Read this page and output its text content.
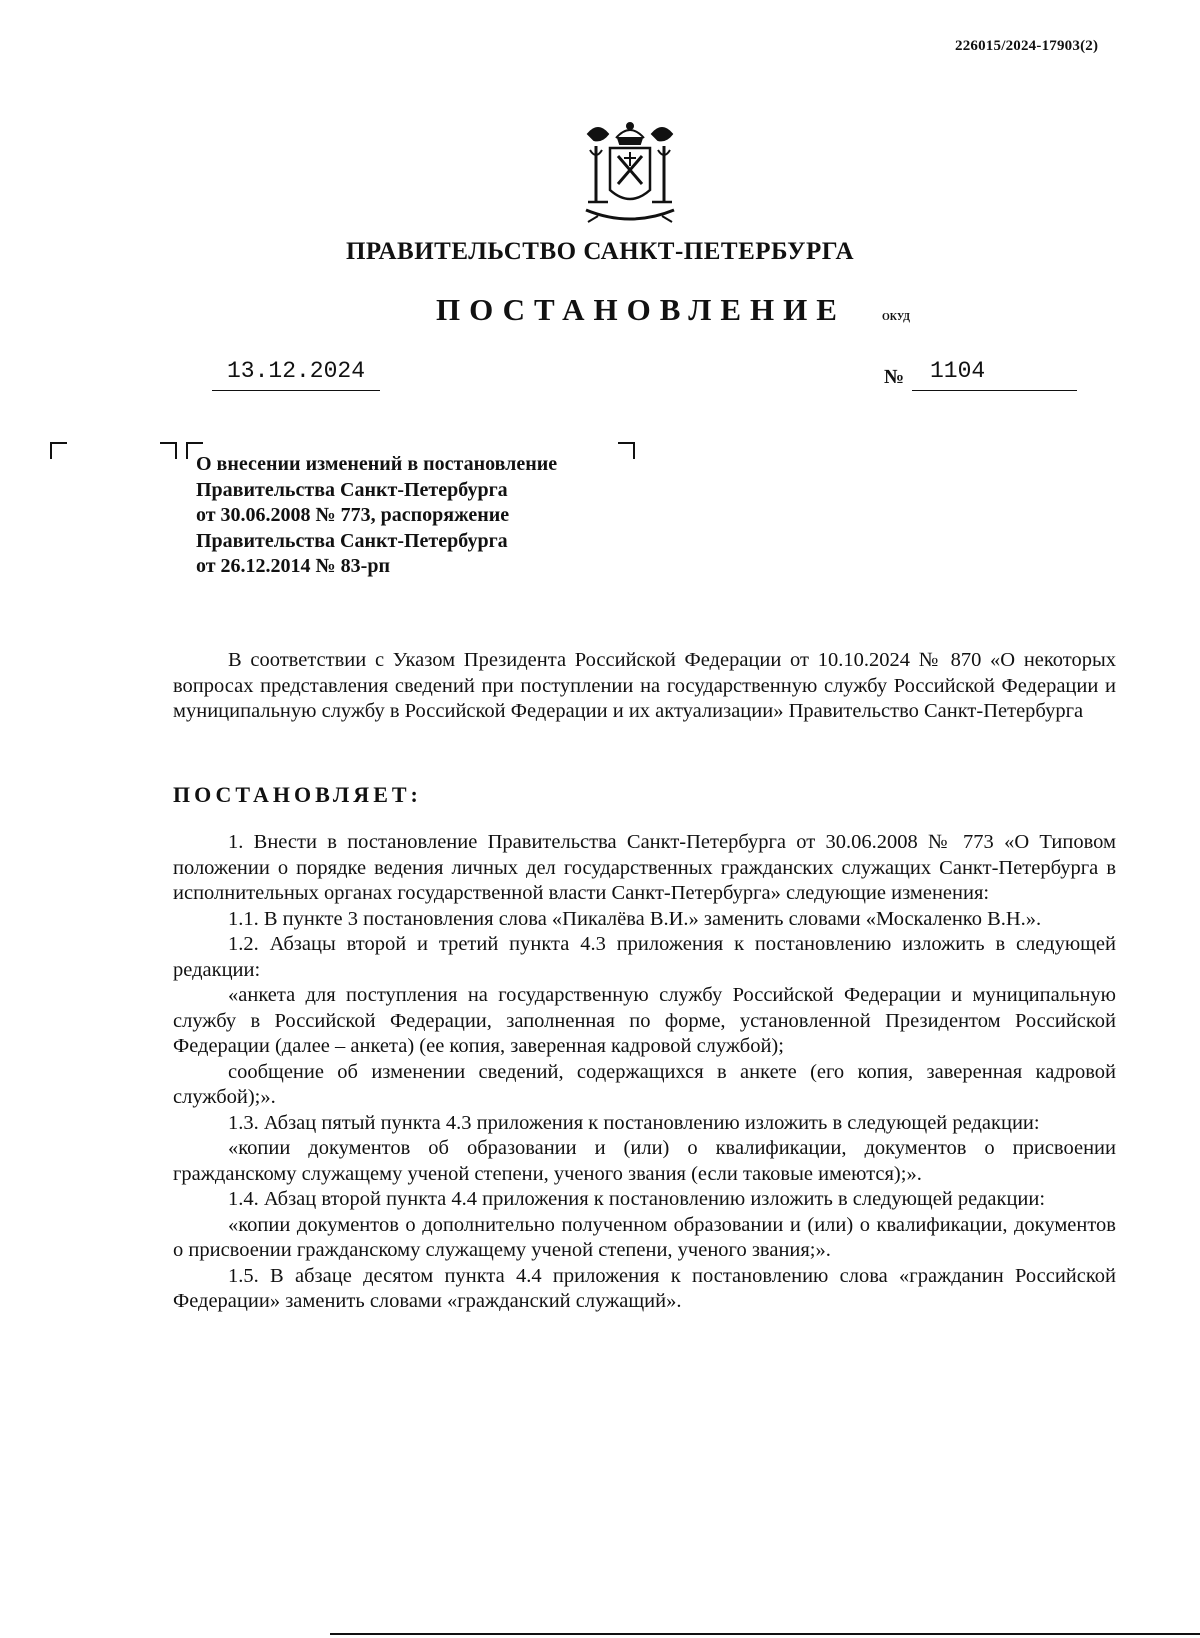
226015/2024-17903(2)
ПРАВИТЕЛЬСТВО САНКТ-ПЕТЕРБУРГА
ПОСТАНОВЛЕНИЕ	ОКУД
13.12.2024	№	1104
О внесении изменений в постановление
Правительства Санкт-Петербурга
от 30.06.2008 № 773, распоряжение
Правительства Санкт-Петербурга
от 26.12.2014 № 83-рп
В соответствии с Указом Президента Российской Федерации от 10.10.2024 № 870 «О некоторых вопросах представления сведений при поступлении на государственную службу Российской Федерации и муниципальную службу в Российской Федерации и их актуализации» Правительство Санкт-Петербурга
ПОСТАНОВЛЯЕТ:

1. Внести в постановление Правительства Санкт-Петербурга от 30.06.2008 № 773 «О Типовом положении о порядке ведения личных дел государственных гражданских служащих Санкт-Петербурга в исполнительных органах государственной власти Санкт-Петербурга» следующие изменения:

1.1. В пункте 3 постановления слова «Пикалёва В.И.» заменить словами «Москаленко В.Н.».

1.2. Абзацы второй и третий пункта 4.3 приложения к постановлению изложить в следующей редакции:

«анкета для поступления на государственную службу Российской Федерации и муниципальную службу в Российской Федерации, заполненная по форме, установленной Президентом Российской Федерации (далее – анкета) (ее копия, заверенная кадровой службой);

сообщение об изменении сведений, содержащихся в анкете (его копия, заверенная кадровой службой);».

1.3. Абзац пятый пункта 4.3 приложения к постановлению изложить в следующей редакции:

«копии документов об образовании и (или) о квалификации, документов о присвоении гражданскому служащему ученой степени, ученого звания (если таковые имеются);».

1.4. Абзац второй пункта 4.4 приложения к постановлению изложить в следующей редакции:

«копии документов о дополнительно полученном образовании и (или) о квалификации, документов о присвоении гражданскому служащему ученой степени, ученого звания;».

1.5. В абзаце десятом пункта 4.4 приложения к постановлению слова «гражданин Российской Федерации» заменить словами «гражданский служащий».
